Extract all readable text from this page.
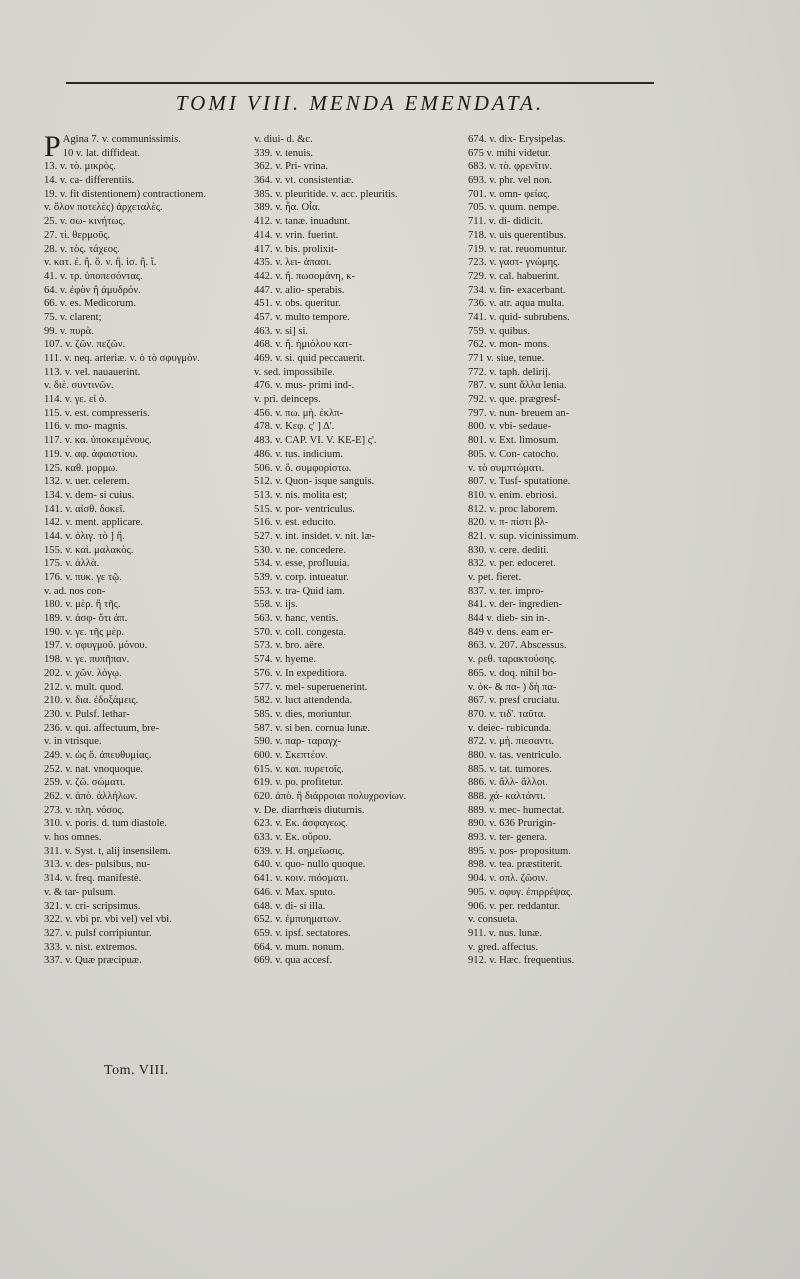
TOMI VIII. MENDA EMENDATA.
P Agina 7. v. communissimis.
10 v. lat. diffideat.
13. v. τὸ. μικρὸς.
14. v. ca- differentiis.
19. v. fit distentionem) contractionem.
v. ὅλον ποτελὲς) ἀρχεταλὲς.
25. v. σω- κινήτως.
27. τὶ. θερμοῦς.
28. v. τὸς. τάχεος.
v. κατ. ἐ. ἢ. ὅ. v. ἢ. ἰσ. ἢ. ἴ.
41. v. τρ. ὑποπεσόντας.
64. v. ἐφὸν ἢ ἀμυδρόν.
66. v. es. Medicorum.
75. v. clarent;
99. v. πυρὰ.
107. v. ζῶν. πεζῶν.
111. v. neq. arteriæ. v. ὁ τὸ σφυγμὸν.
113. v. vel. nauauerint.
v. διὲ. συντινῶν.
114. v. γε. εἰ ὁ.
115. v. est. compresseris.
116. v. mo- magnis.
117. v. κα. ὑποκειμένους.
119. v. αφ. ἀφαιστίου.
125. καθ. μορμω.
132. v. uer. celerem.
134. v. dem- si cuius.
141. v. αἰσθ. δοκεῖ.
142. v. ment. applicare.
144. v. ὀλιγ. τὸ ] ἢ.
155. v. καὶ. μαλακὸς.
175. v. ἀλλὰ.
176. v. πυκ. γε τῷ.
v. ad. nos con-
180. v. μὲρ. ἢ τῆς.
189. v. ἀσφ- ὅτι ἀπ.
190. v. γε. τῆς μὲρ.
197. v. σφυγμοῦ. μόνου.
198. v. γε. πυπῆπαν.
202. v. χῶν. λόγῳ.
212. v. mult. quod.
210. v. δια. ἐδοξάμεις.
230. v. Pulsf. lethar-
236. v. qui. affectuum, bre-
v. in vtrisque.
249. v. ὡς ὅ. ἀπευθυμίας.
252. v. nat. vnoquoque.
259. v. ζῶ. σώματι.
262. v. ἀπὸ. ἀλλήλων.
273. v. πλη. νόσος.
310. v. poris. d. tum diastole.
v. hos omnes.
311. v. Syst. t, alij insensilem.
313. v. des- pulsibus, nu-
314. v. freq. manifestè.
v. & tar- pulsum.
321. v. cri- scripsimus.
322. v. vbi pr. vbi vel) vel vbi.
327. v. pulsf corripiuntur.
333. v. nist. extremos.
337. v. Quæ præcipuæ.
v. diui- d. &c.
339. v. tenuis.
362. v. Pri- vrina.
364. v. vt. consistentiæ.
385. v. pleuritide. v. acc. pleuritis.
389. v. ἦα. Οἷα.
412. v. tanæ. inuadunt.
414. v. vrin. fuerint.
417. v. bis. prolixit-
435. v. λει- ἀπασι.
442. v. ἢ. πωσομάνη, κ-
447. v. alio- sperabis.
451. v. obs. queritur.
457. v. multo tempore.
463. v. si] si.
468. v. ἢ. ἡμιόλου κατ-
469. v. si. quid peccauerit.
v. sed. impossibile.
476. v. mus- primi ind-.
v. pri. deinceps.
456. v. πω. μὴ. ἐκλπ-
478. v. Κεφ. ς' ] Δ'.
483. v. CAP. VI. V. ΚΕ-Ε] ς'.
486. v. tus. indicium.
506. v. ὅ. συμφορίστω.
512. v. Quon- isque sanguis.
513. v. nis. molita est;
515. v. por- ventriculus.
516. v. est. educito.
527. v. int. insidet. v. nit. læ-
530. v. ne. concedere.
534. v. esse, profluuia.
539. v. corp. intueatur.
553. v. tra- Quid iam.
558. v. ijs.
563. v. hanc, ventis.
570. v. coll. congesta.
573. v. bro. aëre.
574. v. hyeme.
576. v. In expeditiora.
577. v. mel- superuenerint.
582. v. luct attendenda.
585. v. dies, moriuntur.
587. v. si ben. cornua lunæ.
590. v. παρ- ταραγχ-
600. v. Σκεπτέον.
615. v. και. πυρετοῖς.
619. v. po. profitetur.
620. ἀπὸ. ἢ διάρροιαι πολυχρονίων.
v. De. diarrhœis diuturnis.
623. v. Εκ. ἀσφαγεως.
633. v. Εκ. οὔρου.
639. v. H. σημεῖωσις.
640. v. quo- nullo quoque.
641. v. κοιν. πιόσματι.
646. v. Max. sputo.
648. v. di- si illa.
652. v. ἐμπυηματων.
659. v. ipsf. sectatores.
664. v. mum. nonum.
669. v. qua accesf.
674. v. dix- Erysipelas.
675 v. mihi videtur.
683. v. τὸ. φρενῖτιν.
693. v. phr. vel non.
701. v. omn- φείας.
705. v. quum. nempe.
711. v. di- didicit.
718. v. uis querentibus.
719. v. rat. reuomuntur.
723. v. γαστ- γνώμης.
729. v. cal. habuerint.
734. v. fin- exacerbant.
736. v. atr. aqua multa.
741. v. quid- subrubens.
759. v. quibus.
762. v. mon- mons.
771 v. siue, tenue.
772. v. taph. delirij.
787. v. sunt ἄλλα lenia.
792. v. que. prægresf-
797. v. nun- breuem an-
800. v. vbi- sedaue-
801. v. Ext. limosum.
805. v. Con- catocho.
v. τὸ συμπτώματι.
807. v. Tusf- sputatione.
810. v. enim. ebriosi.
812. v. proc laborem.
820. v. π- πίστι βλ-
821. v. sup. vicinissimum.
830. v. cere. dediti.
832. v. per. edoceret.
v. pet. fieret.
837. v. ter. impro-
841. v. der- ingredien-
844 v. dieb- sin in-.
849 v. dens. eam er-
863. v. 207. Abscessus.
v. ρεθ. ταρακτούσης.
865. v. doq. nihil bo-
v. ὀκ- & πα- ) δὴ πα-
867. v. presf cruciatu.
870. v. τιδ'. ταῦτα.
v. deiec- rubicunda.
872. v. μὴ. πιεσαντι.
880. v. tas. ventriculo.
885. v. tat. tumores.
886. v. ἄλλ- ἄλλοι.
888. χά- καλτάντι.
889. v. mec- humectat.
890. v. 636 Prurigin-
893. v. ter- genera.
895. v. pos- propositum.
898. v. tea. præstiterit.
904. v. σπλ. ζῶσιν.
905. v. σφυγ. ἐπιρρέψας.
906. v. per. reddantur.
v. consueta.
911. v. nus. lunæ.
v. gred. affectus.
912. v. Hæc. frequentius.
Tom. VIII.
